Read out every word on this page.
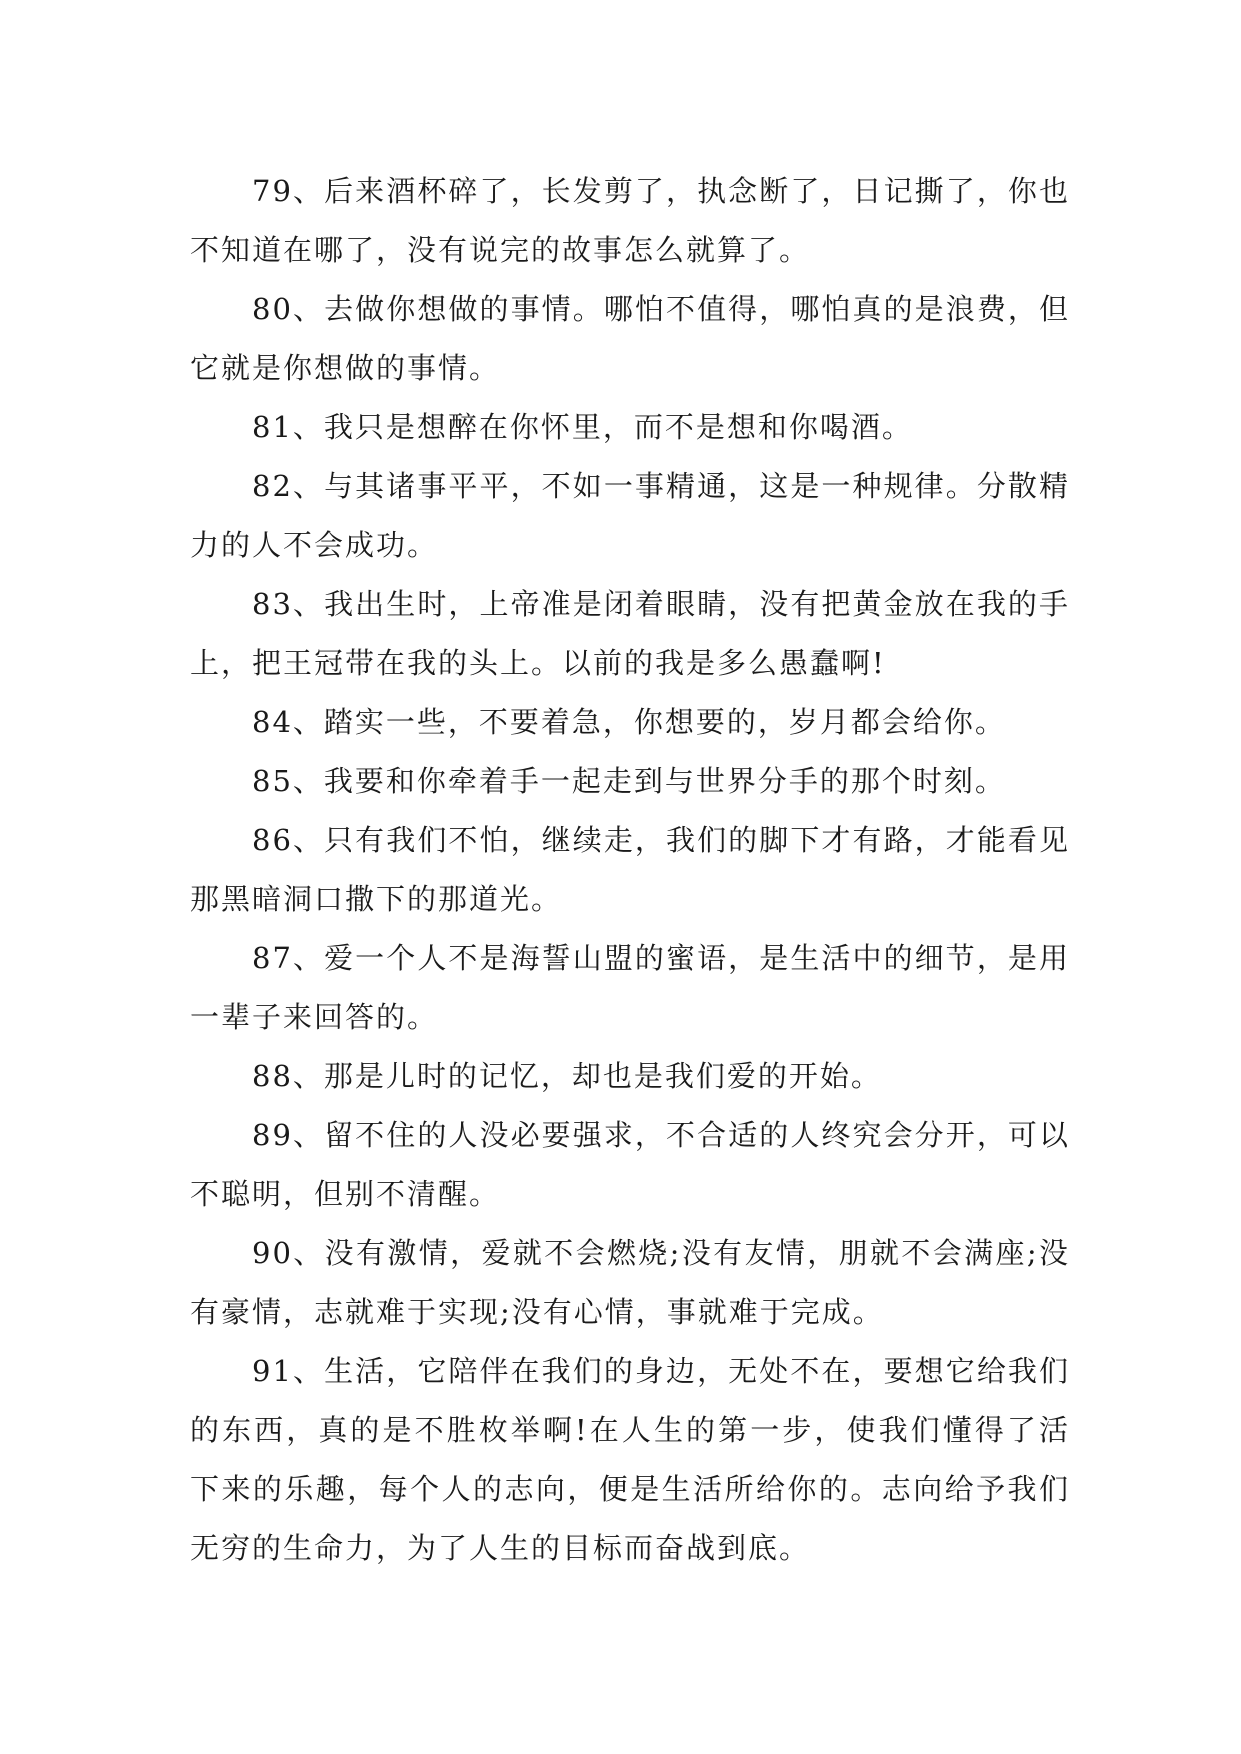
79、后来酒杯碎了，长发剪了，执念断了，日记撕了，你也不知道在哪了，没有说完的故事怎么就算了。

80、去做你想做的事情。哪怕不值得，哪怕真的是浪费，但它就是你想做的事情。

81、我只是想醉在你怀里，而不是想和你喝酒。

82、与其诸事平平，不如一事精通，这是一种规律。分散精力的人不会成功。

83、我出生时，上帝准是闭着眼睛，没有把黄金放在我的手上，把王冠带在我的头上。以前的我是多么愚蠢啊!

84、踏实一些，不要着急，你想要的，岁月都会给你。

85、我要和你牵着手一起走到与世界分手的那个时刻。

86、只有我们不怕，继续走，我们的脚下才有路，才能看见那黑暗洞口撒下的那道光。

87、爱一个人不是海誓山盟的蜜语，是生活中的细节，是用一辈子来回答的。

88、那是儿时的记忆，却也是我们爱的开始。

89、留不住的人没必要强求，不合适的人终究会分开，可以不聪明，但别不清醒。

90、没有激情，爱就不会燃烧;没有友情，朋就不会满座;没有豪情，志就难于实现;没有心情，事就难于完成。

91、生活，它陪伴在我们的身边，无处不在，要想它给我们的东西，真的是不胜枚举啊!在人生的第一步，使我们懂得了活下来的乐趣，每个人的志向，便是生活所给你的。志向给予我们无穷的生命力，为了人生的目标而奋战到底。
